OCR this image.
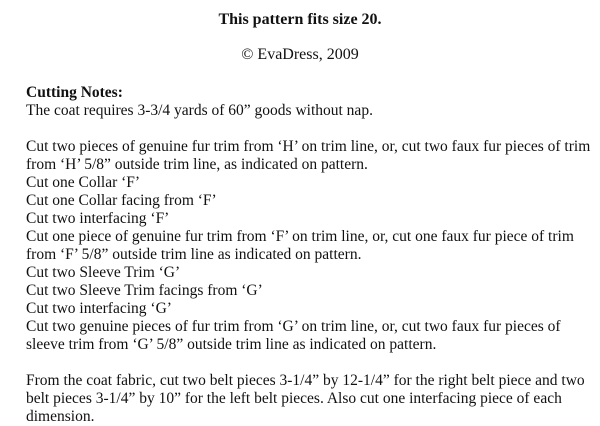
This pattern fits size 20.
© EvaDress, 2009
Cutting Notes:
The coat requires 3-3/4 yards of 60” goods without nap.
Cut two pieces of genuine fur trim from ‘H’ on trim line, or, cut two faux fur pieces of trim
from ‘H’ 5/8” outside trim line, as indicated on pattern.
Cut one Collar ‘F’
Cut one Collar facing from ‘F’
Cut two interfacing ‘F’
Cut one piece of genuine fur trim from ‘F’ on trim line, or, cut one faux fur piece of trim
from ‘F’ 5/8” outside trim line as indicated on pattern.
Cut two Sleeve Trim ‘G’
Cut two Sleeve Trim facings from ‘G’
Cut two interfacing ‘G’
Cut two genuine pieces of fur trim from ‘G’ on trim line, or, cut two faux fur pieces of
sleeve trim from ‘G’ 5/8” outside trim line as indicated on pattern.
From the coat fabric, cut two belt pieces 3-1/4” by 12-1/4” for the right belt piece and two
belt pieces 3-1/4” by 10” for the left belt pieces. Also cut one interfacing piece of each
dimension.
